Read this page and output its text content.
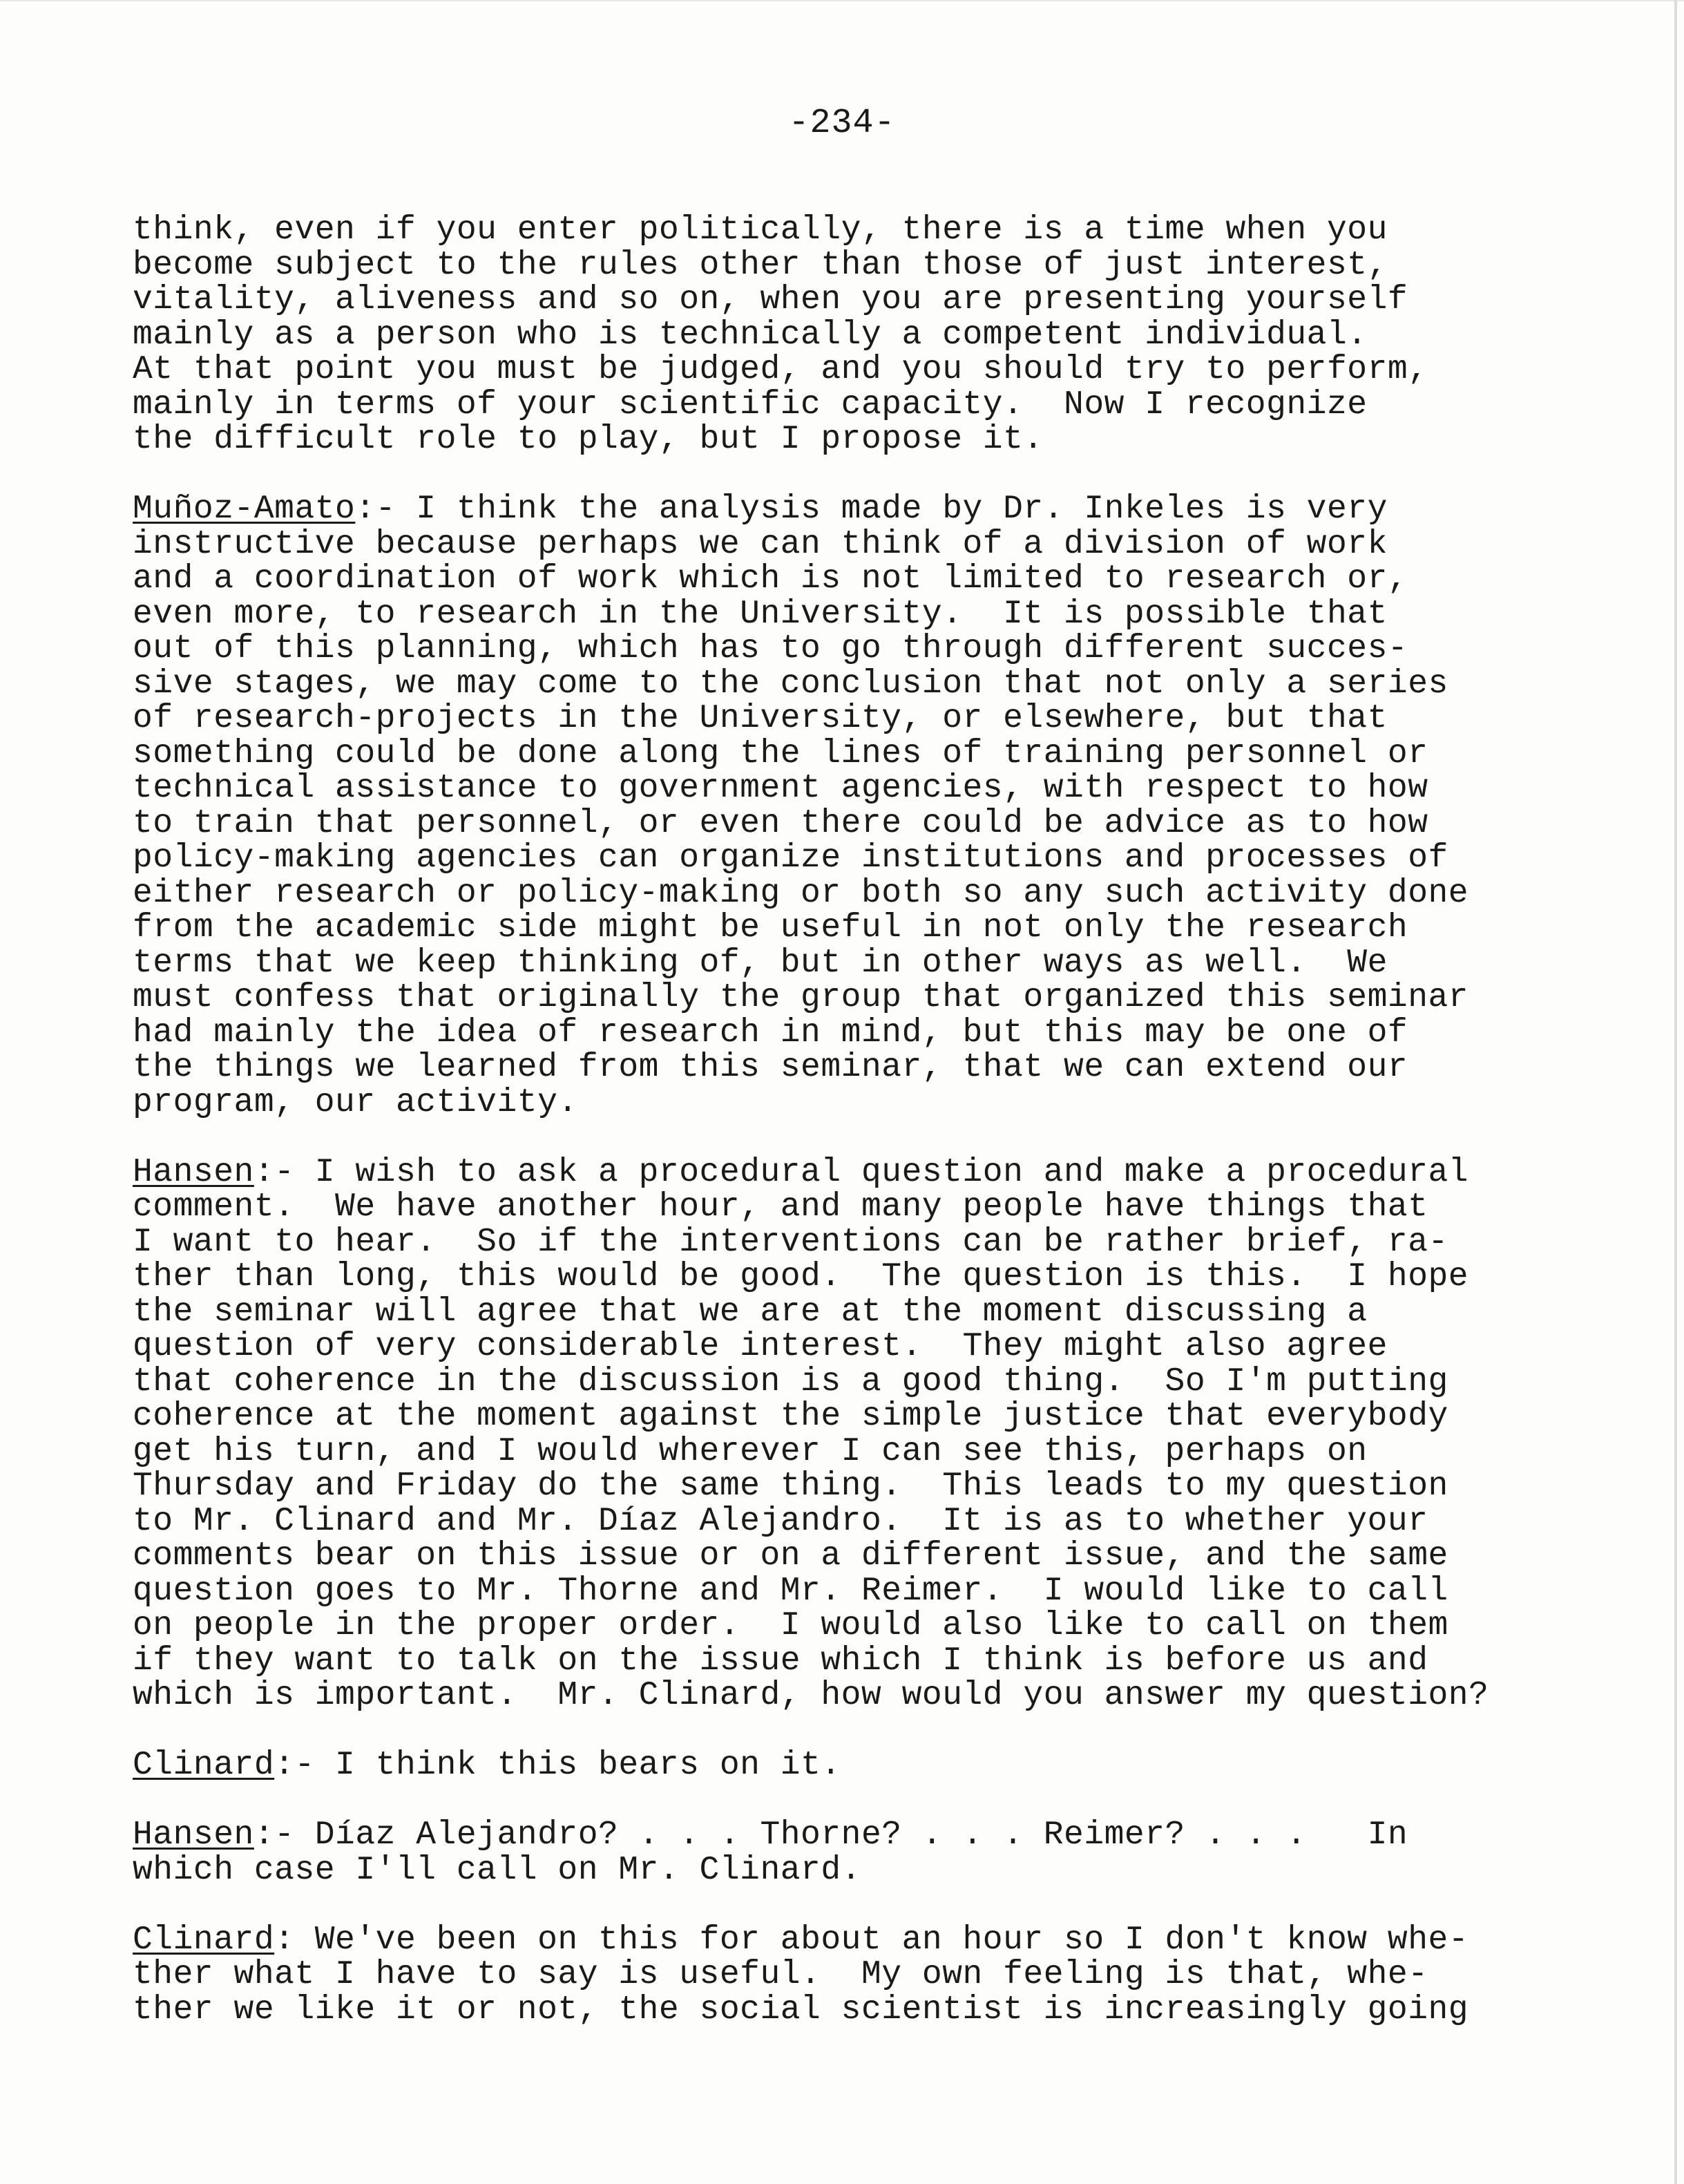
-234-
think, even if you enter politically, there is a time when you
become subject to the rules other than those of just interest,
vitality, aliveness and so on, when you are presenting yourself
mainly as a person who is technically a competent individual.
At that point you must be judged, and you should try to perform,
mainly in terms of your scientific capacity.  Now I recognize
the difficult role to play, but I propose it.
Muñoz-Amato:- I think the analysis made by Dr. Inkeles is very
instructive because perhaps we can think of a division of work
and a coordination of work which is not limited to research or,
even more, to research in the University.  It is possible that
out of this planning, which has to go through different succes-
sive stages, we may come to the conclusion that not only a series
of research-projects in the University, or elsewhere, but that
something could be done along the lines of training personnel or
technical assistance to government agencies, with respect to how
to train that personnel, or even there could be advice as to how
policy-making agencies can organize institutions and processes of
either research or policy-making or both so any such activity done
from the academic side might be useful in not only the research
terms that we keep thinking of, but in other ways as well.  We
must confess that originally the group that organized this seminar
had mainly the idea of research in mind, but this may be one of
the things we learned from this seminar, that we can extend our
program, our activity.
Hansen:- I wish to ask a procedural question and make a procedural
comment.  We have another hour, and many people have things that
I want to hear.  So if the interventions can be rather brief, ra-
ther than long, this would be good.  The question is this.  I hope
the seminar will agree that we are at the moment discussing a
question of very considerable interest.  They might also agree
that coherence in the discussion is a good thing.  So I'm putting
coherence at the moment against the simple justice that everybody
get his turn, and I would wherever I can see this, perhaps on
Thursday and Friday do the same thing.  This leads to my question
to Mr. Clinard and Mr. Díaz Alejandro.  It is as to whether your
comments bear on this issue or on a different issue, and the same
question goes to Mr. Thorne and Mr. Reimer.  I would like to call
on people in the proper order.  I would also like to call on them
if they want to talk on the issue which I think is before us and
which is important.  Mr. Clinard, how would you answer my question?
Clinard:- I think this bears on it.
Hansen:- Díaz Alejandro? . . . Thorne? . . . Reimer? . . .   In
which case I'll call on Mr. Clinard.
Clinard: We've been on this for about an hour so I don't know whe-
ther what I have to say is useful.  My own feeling is that, whe-
ther we like it or not, the social scientist is increasingly going
